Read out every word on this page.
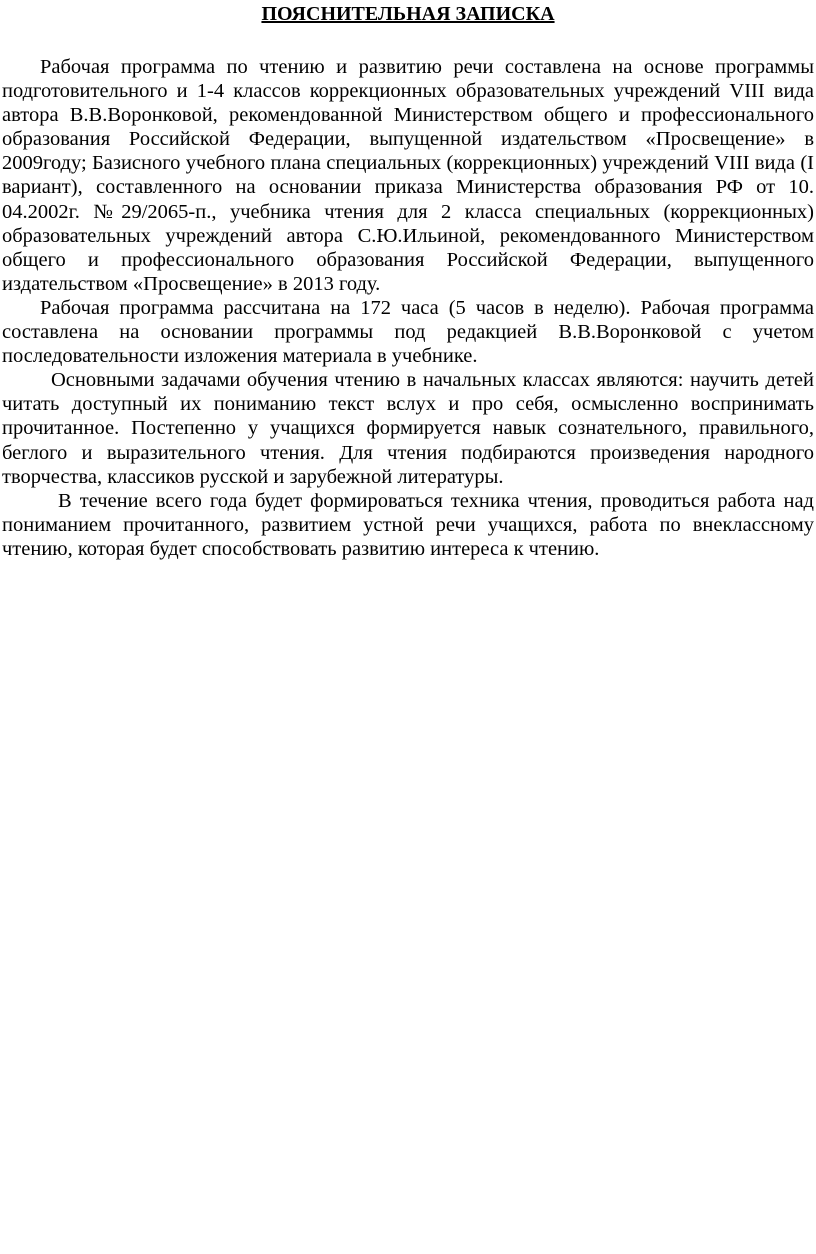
ПОЯСНИТЕЛЬНАЯ ЗАПИСКА

Рабочая программа по чтению и развитию речи составлена на основе программы подготовительного и 1-4 классов коррекционных образовательных учреждений VIII вида автора В.В.Воронковой, рекомендованной Министерством общего и профессионального образования Российской Федерации, выпущенной издательством «Просвещение» в 2009году; Базисного учебного плана специальных (коррекционных) учреждений VIII вида (I вариант), составленного на основании приказа Министерства образования РФ от 10. 04.2002г. №29/2065-п., учебника чтения для 2 класса специальных (коррекционных) образовательных учреждений автора С.Ю.Ильиной, рекомендованного Министерством общего и профессионального образования Российской Федерации, выпущенного издательством «Просвещение» в 2013 году.

Рабочая программа рассчитана на 172 часа (5 часов в неделю). Рабочая программа составлена на основании программы под редакцией В.В.Воронковой с учетом последовательности изложения материала в учебнике.

Основными задачами обучения чтению в начальных классах являются: научить детей читать доступный их пониманию текст вслух и про себя, осмысленно воспринимать прочитанное. Постепенно у учащихся формируется навык сознательного, правильного, беглого и выразительного чтения. Для чтения подбираются произведения народного творчества, классиков русской и зарубежной литературы.

В течение всего года будет формироваться техника чтения, проводиться работа над пониманием прочитанного, развитием устной речи учащихся, работа по внеклассному чтению, которая будет способствовать развитию интереса к чтению.
